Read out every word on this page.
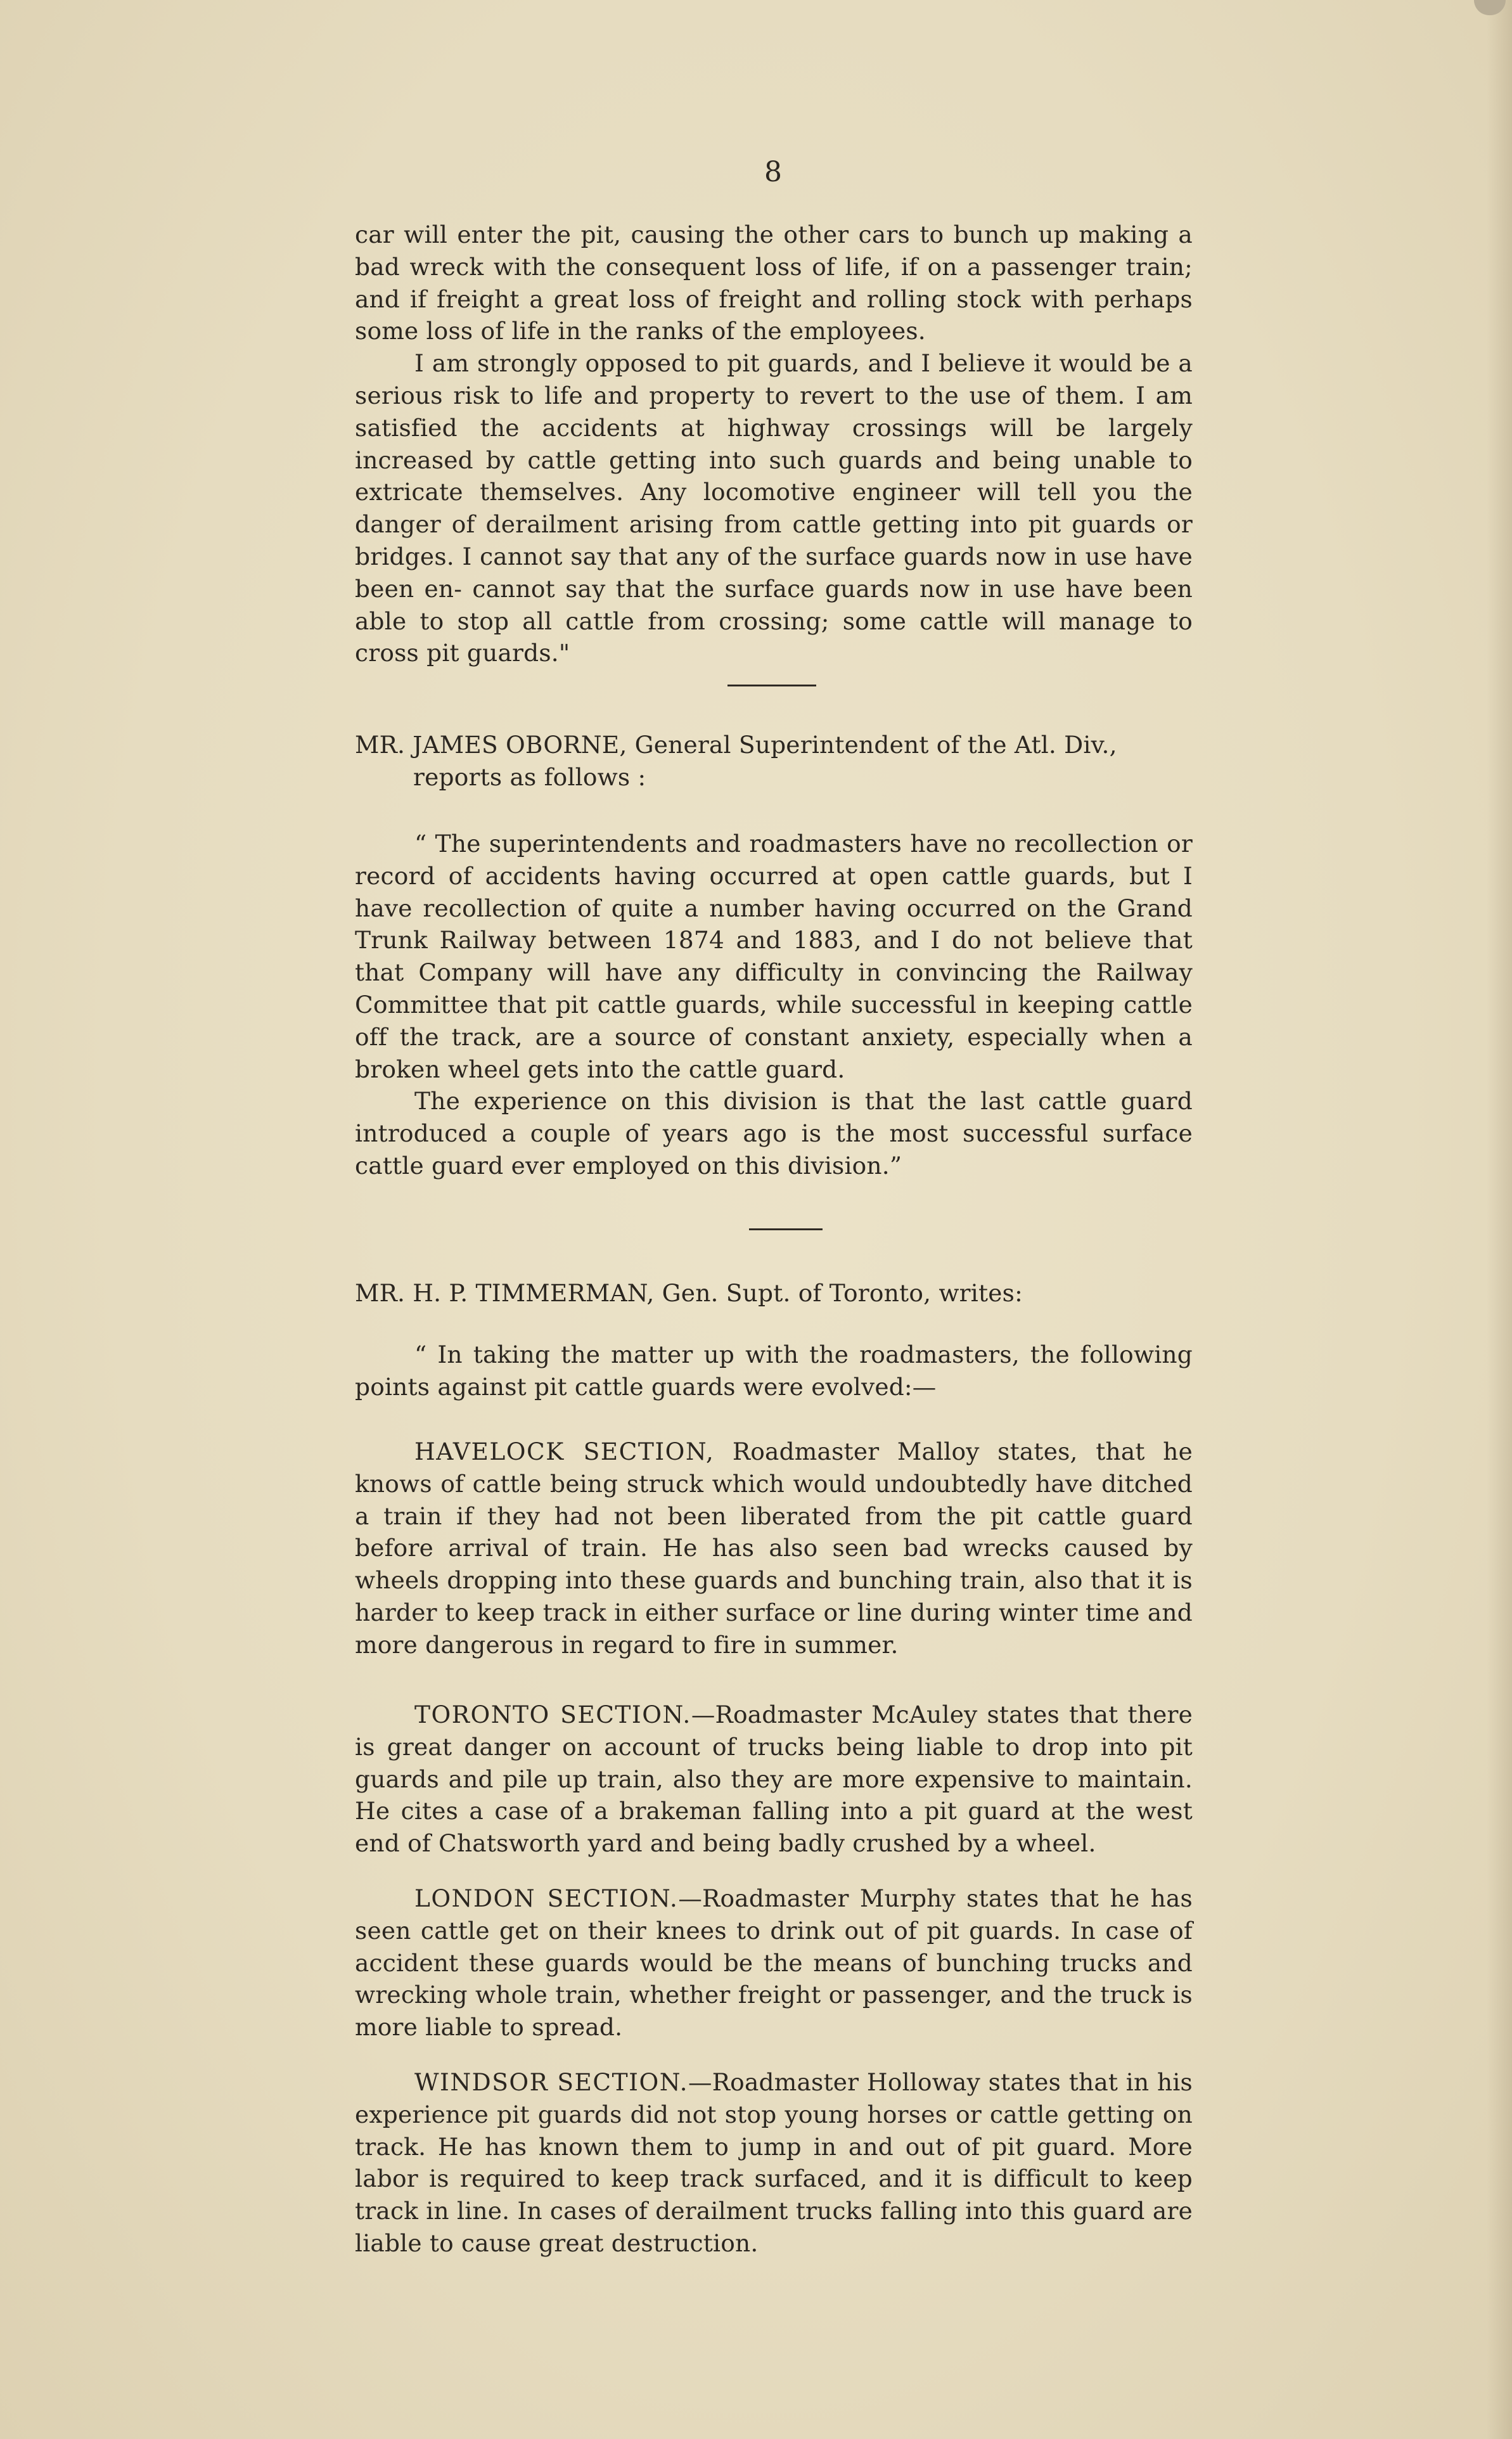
8

car will enter the pit, causing the other cars to bunch up making a bad wreck with the consequent loss of life, if on a passenger train; and if freight a great loss of freight and rolling stock with perhaps some loss of life in the ranks of the employees.

I am strongly opposed to pit guards, and I believe it would be a serious risk to life and property to revert to the use of them. I am satisfied the accidents at highway crossings will be largely increased by cattle getting into such guards and being unable to extricate themselves. Any locomotive engineer will tell you the danger of derailment arising from cattle getting into pit guards or bridges. I cannot say that any of the surface guards now in use have been en- cannot say that the surface guards now in use have been able to stop all cattle from crossing; some cattle will manage to cross pit guards."

MR. JAMES OBORNE, General Superintendent of the Atl. Div.,

reports as follows :

“ The superintendents and roadmasters have no recollection or record of accidents having occurred at open cattle guards, but I have recollection of quite a number having occurred on the Grand Trunk Railway between 1874 and 1883, and I do not believe that that Company will have any difficulty in convincing the Railway Committee that pit cattle guards, while successful in keeping cattle off the track, are a source of constant anxiety, especially when a broken wheel gets into the cattle guard.

The experience on this division is that the last cattle guard introduced a couple of years ago is the most successful surface cattle guard ever employed on this division.”

MR. H. P. TIMMERMAN, Gen. Supt. of Toronto, writes:

“ In taking the matter up with the roadmasters, the following points against pit cattle guards were evolved:—

HAVELOCK SECTION, Roadmaster Malloy states, that he knows of cattle being struck which would undoubtedly have ditched a train if they had not been liberated from the pit cattle guard before arrival of train. He has also seen bad wrecks caused by wheels dropping into these guards and bunching train, also that it is harder to keep track in either surface or line during winter time and more dangerous in regard to fire in summer.

TORONTO SECTION.—Roadmaster McAuley states that there is great danger on account of trucks being liable to drop into pit guards and pile up train, also they are more expensive to maintain. He cites a case of a brakeman falling into a pit guard at the west end of Chatsworth yard and being badly crushed by a wheel.

LONDON SECTION.—Roadmaster Murphy states that he has seen cattle get on their knees to drink out of pit guards. In case of accident these guards would be the means of bunching trucks and wrecking whole train, whether freight or passenger, and the truck is more liable to spread.

WINDSOR SECTION.—Roadmaster Holloway states that in his experience pit guards did not stop young horses or cattle getting on track. He has known them to jump in and out of pit guard. More labor is required to keep track surfaced, and it is difficult to keep track in line. In cases of derailment trucks falling into this guard are liable to cause great destruction.
